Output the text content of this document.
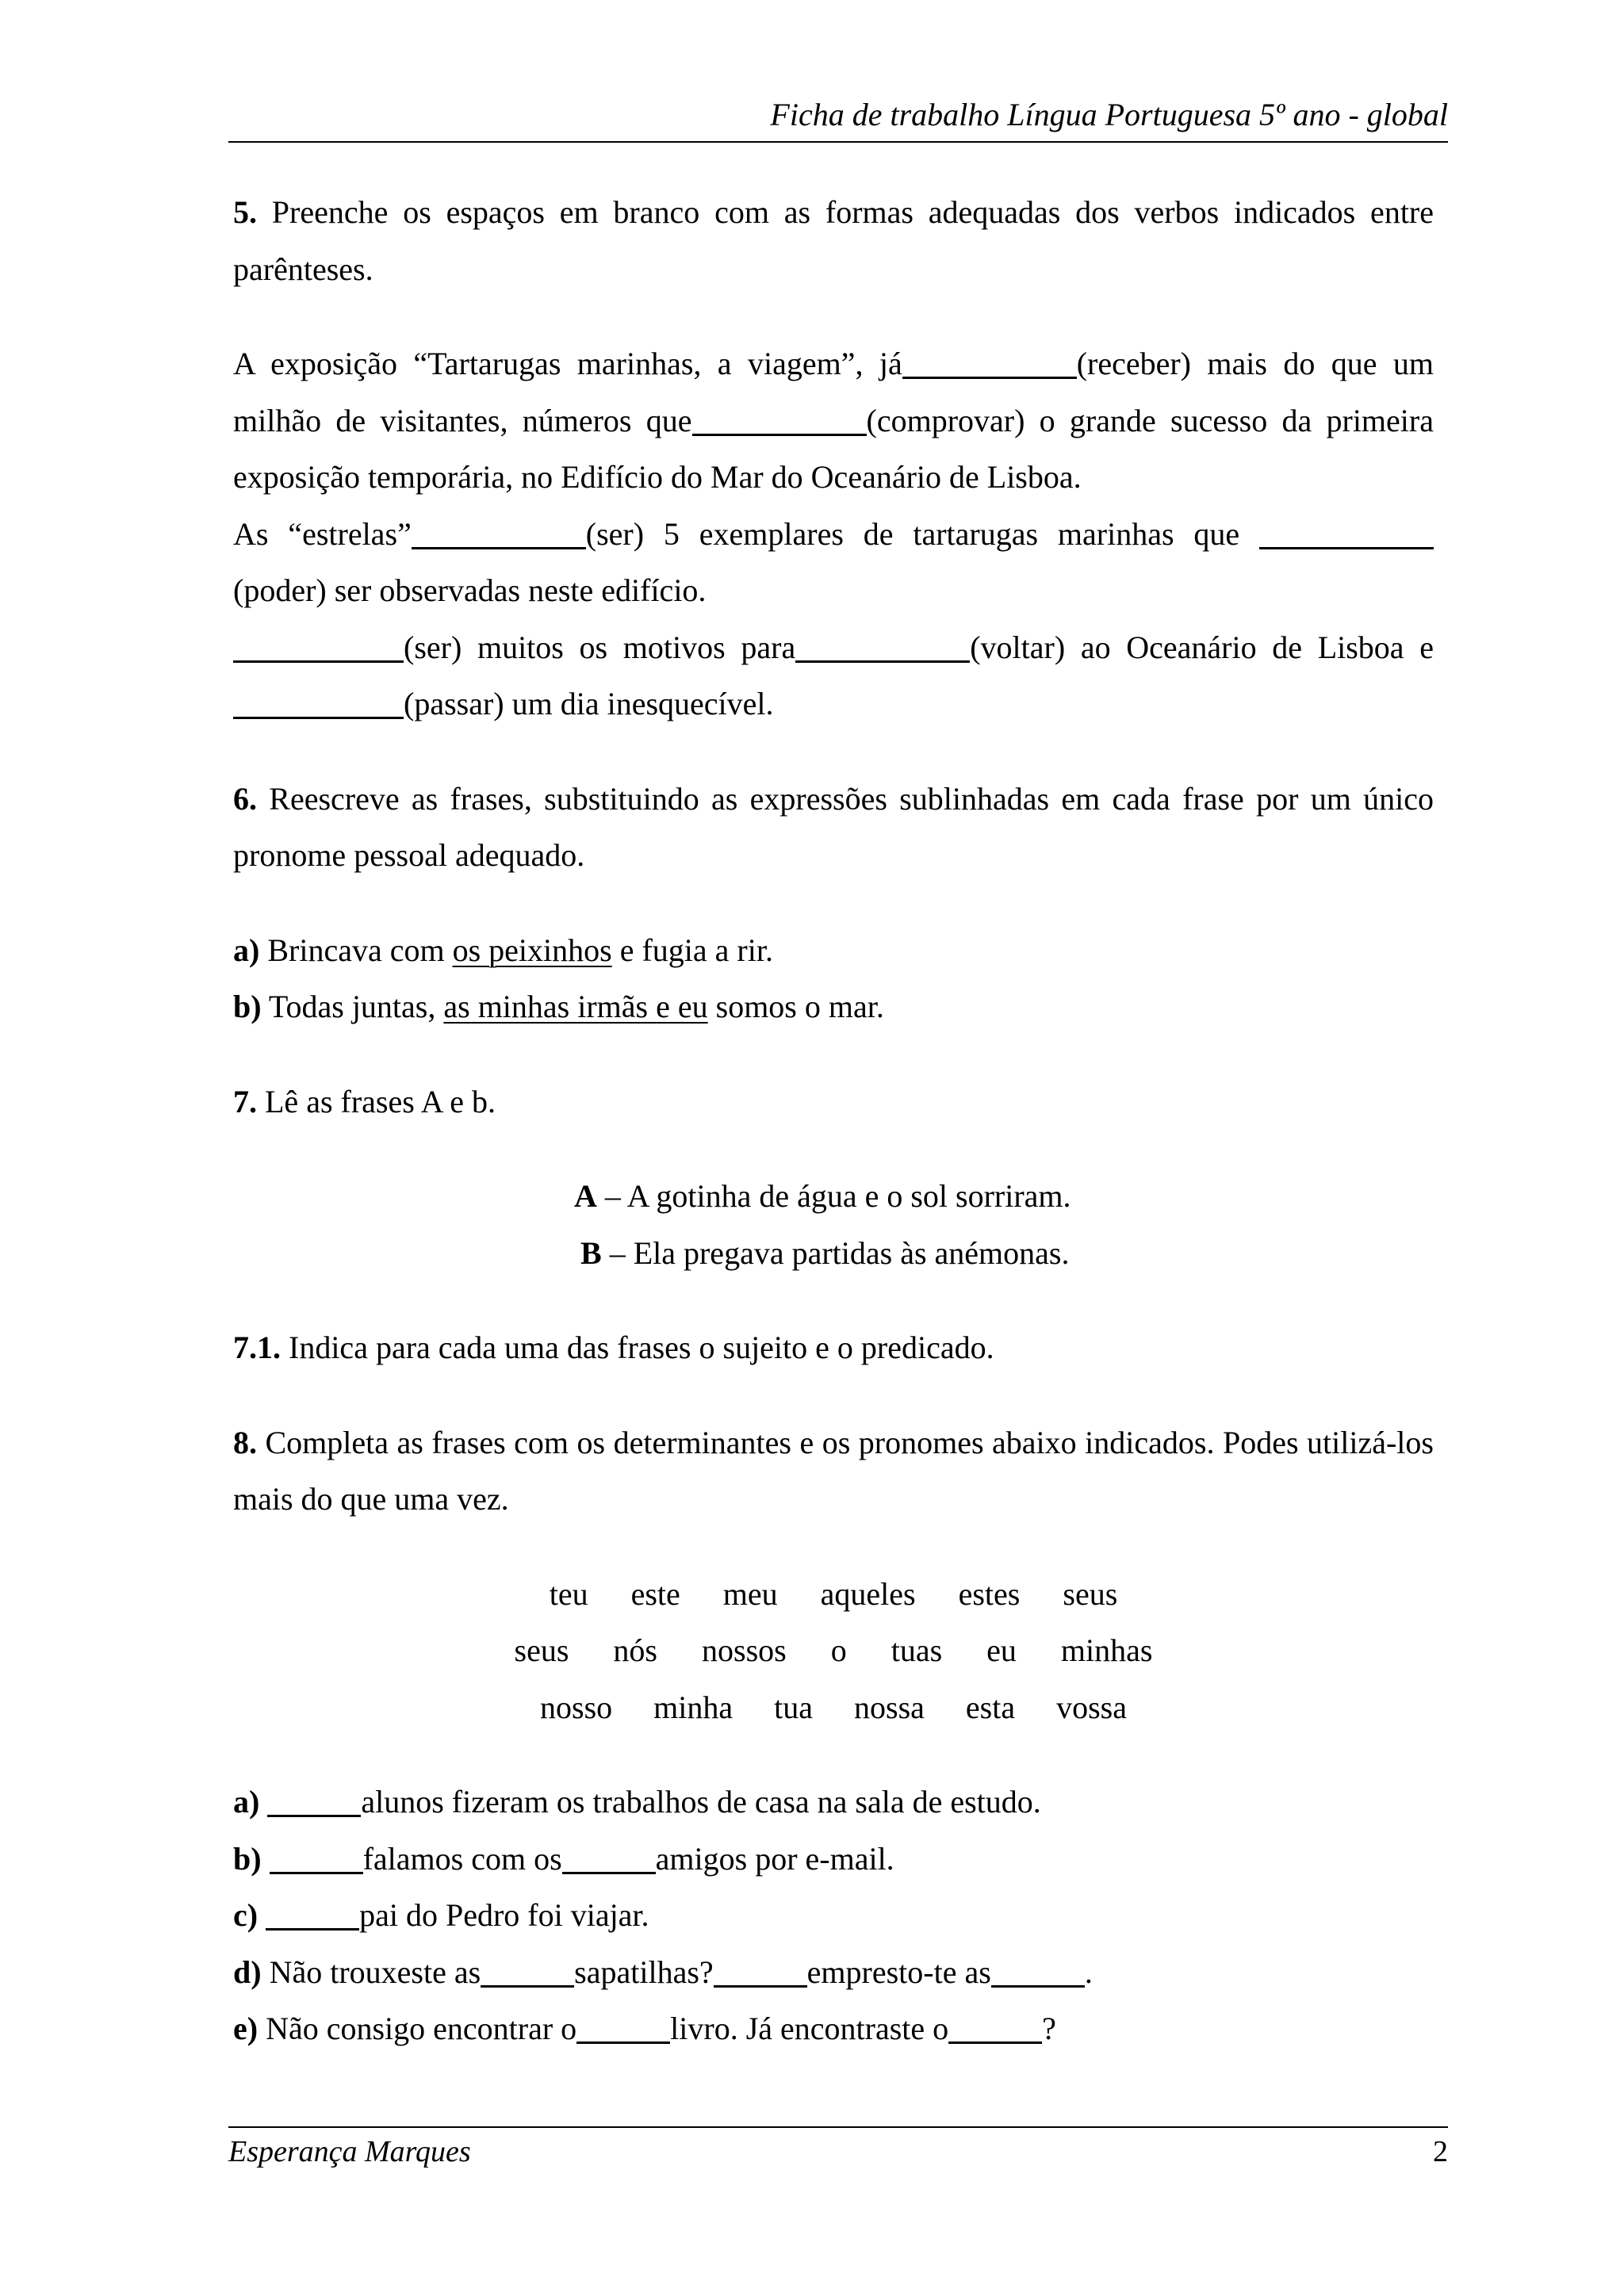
Ficha de trabalho Língua Portuguesa 5º ano - global

5. Preenche os espaços em branco com as formas adequadas dos verbos indicados entre parênteses.

A exposição “Tartarugas marinhas, a viagem”, já	(receber) mais do que um

milhão de visitantes, números que	(comprovar) o grande sucesso da primeira

exposição temporária, no Edifício do Mar do Oceanário de Lisboa.

As “estrelas”	(ser) 5 exemplares de tartarugas marinhas que

(poder) ser observadas neste edifício.

(ser) muitos os motivos para	(voltar) ao Oceanário de Lisboa e

(passar) um dia inesquecível.

6. Reescreve as frases, substituindo as expressões sublinhadas em cada frase por um único pronome pessoal adequado.

a) Brincava com os peixinhos e fugia a rir.

b) Todas juntas, as minhas irmãs e eu somos o mar.

7. Lê as frases A e b.

A – A gotinha de água e o sol sorriram.

B – Ela pregava partidas às anémonas.

7.1. Indica para cada uma das frases o sujeito e o predicado.

8. Completa as frases com os determinantes e os pronomes abaixo indicados. Podes utilizá-los mais do que uma vez.

teu este meu aqueles estes seus
seus nós nossos o tuas eu minhas
nosso minha tua nossa esta vossa

a)	alunos fizeram os trabalhos de casa na sala de estudo.

b)	falamos com os	amigos por e-mail.

c)	pai do Pedro foi viajar.

d) Não trouxeste as	sapatilhas?	empresto-te as	.

e) Não consigo encontrar o	livro. Já encontraste o	?

Esperança Marques	2
